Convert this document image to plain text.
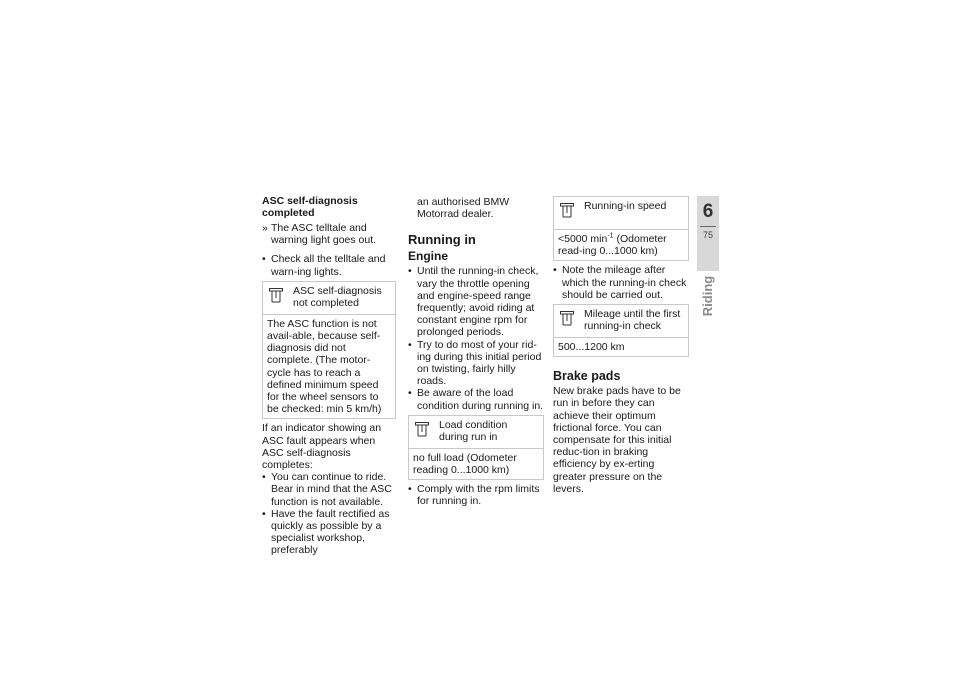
ASC self-diagnosis completed
» The ASC telltale and warning light goes out.
• Check all the telltale and warn-ing lights.
ASC self-diagnosis not completed
The ASC function is not avail-able, because self-diagnosis did not complete. (The motor-cycle has to reach a defined minimum speed for the wheel sensors to be checked: min 5 km/h)

If an indicator showing an ASC fault appears when ASC self-diagnosis completes:

• You can continue to ride. Bear in mind that the ASC function is not available.
• Have the fault rectified as quickly as possible by a specialist workshop, preferably

an authorised BMW Motorrad dealer.

Running in
Engine
• Until the running-in check, vary the throttle opening and engine-speed range frequently; avoid riding at constant engine rpm for prolonged periods.
• Try to do most of your rid-ing during this initial period on twisting, fairly hilly roads.
• Be aware of the load condition during running in.
Load condition during run in
no full load (Odometer reading 0...1000 km)
• Comply with the rpm limits for running in.
Running-in speed
<5000 $\min^{-1}$ (Odometer read-ing 0...1000 km)
• Note the mileage after which the running-in check should be carried out.
Mileage until the first running-in check
500...1200 km
Brake pads

New brake pads have to be run in before they can achieve their optimum frictional force. You can compensate for this initial reduc-tion in braking efficiency by ex-erting greater pressure on the levers.

6
75
Riding
